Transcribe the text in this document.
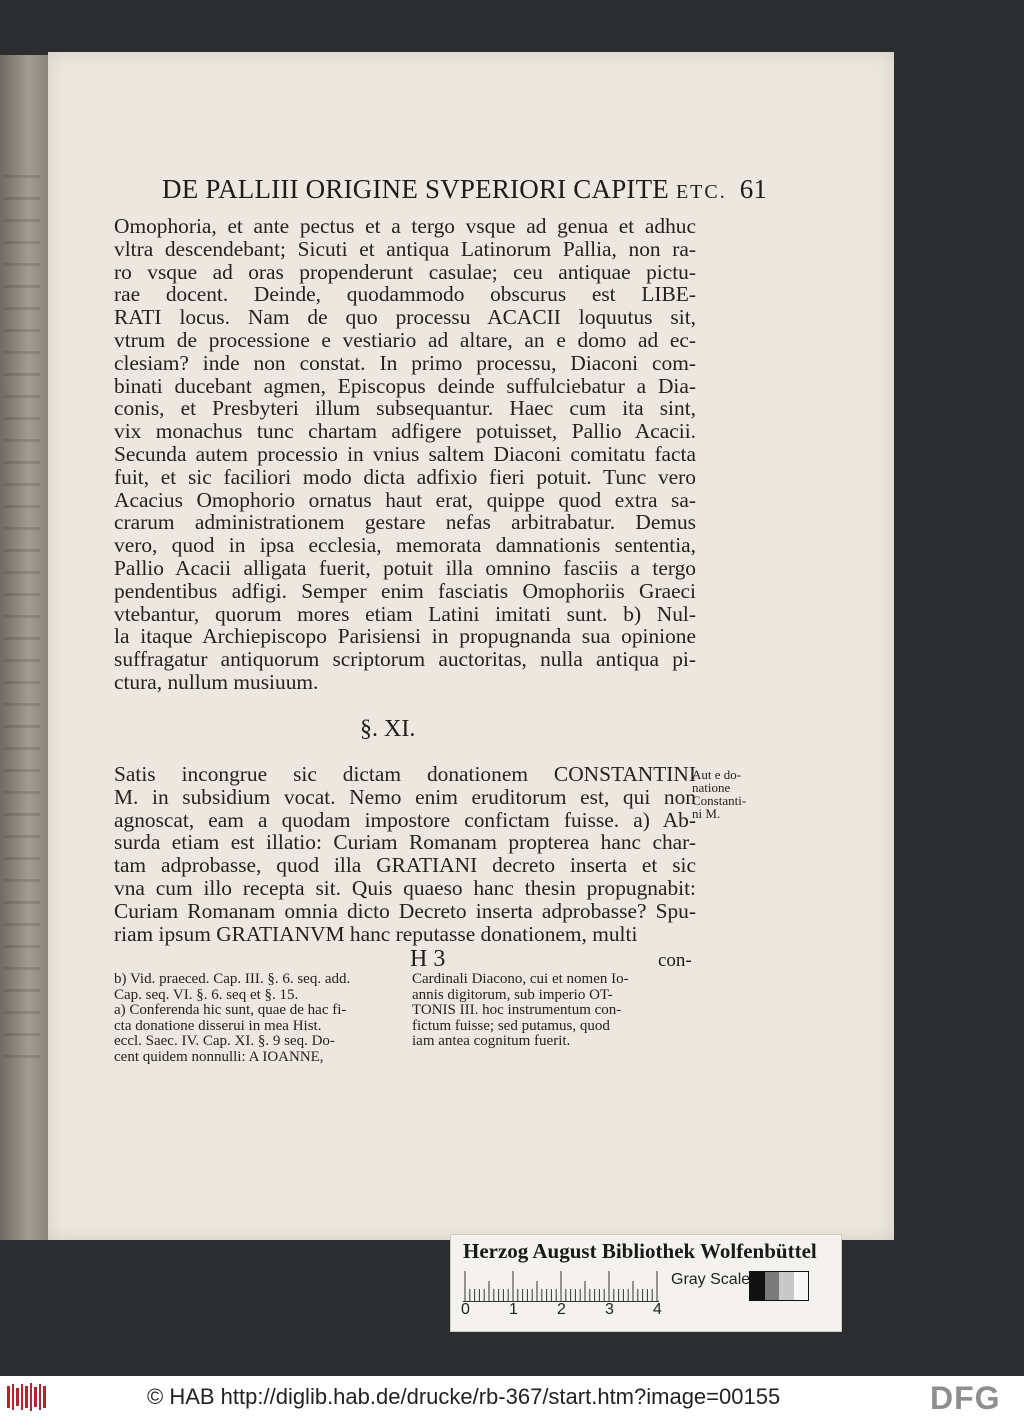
DE PALLIII ORIGINE SVPERIORI CAPITE ETC. 61

Omophoria, et ante pectus et a tergo vsque ad genua et adhuc

vltra descendebant; Sicuti et antiqua Latinorum Pallia, non ra-

ro vsque ad oras propenderunt casulae; ceu antiquae pictu-

rae docent. Deinde, quodammodo obscurus est LIBE-

RATI locus. Nam de quo processu ACACII loquutus sit,

vtrum de processione e vestiario ad altare, an e domo ad ec-

clesiam? inde non constat. In primo processu, Diaconi com-

binati ducebant agmen, Episcopus deinde suffulciebatur a Dia-

conis, et Presbyteri illum subsequantur. Haec cum ita sint,

vix monachus tunc chartam adfigere potuisset, Pallio Acacii.

Secunda autem processio in vnius saltem Diaconi comitatu facta

fuit, et sic faciliori modo dicta adfixio fieri potuit. Tunc vero

Acacius Omophorio ornatus haut erat, quippe quod extra sa-

crarum administrationem gestare nefas arbitrabatur. Demus

vero, quod in ipsa ecclesia, memorata damnationis sententia,

Pallio Acacii alligata fuerit, potuit illa omnino fasciis a tergo

pendentibus adfigi. Semper enim fasciatis Omophoriis Graeci

vtebantur, quorum mores etiam Latini imitati sunt. b) Nul-

la itaque Archiepiscopo Parisiensi in propugnanda sua opinione

suffragatur antiquorum scriptorum auctoritas, nulla antiqua pi-

ctura, nullum musiuum.

§. XI.

Satis incongrue sic dictam donationem CONSTANTINI

M. in subsidium vocat. Nemo enim eruditorum est, qui non

agnoscat, eam a quodam impostore confictam fuisse. a) Ab-

surda etiam est illatio: Curiam Romanam propterea hanc char-

tam adprobasse, quod illa GRATIANI decreto inserta et sic

vna cum illo recepta sit. Quis quaeso hanc thesin propugnabit:

Curiam Romanam omnia dicto Decreto inserta adprobasse? Spu-

riam ipsum GRATIANVM hanc reputasse donationem, multi

Aut e do-
natione
Constanti-
ni M.
H 3	con-

b) Vid. praeced. Cap. III. §. 6. seq. add.

Cap. seq. VI. §. 6. seq et §. 15.

a) Conferenda hic sunt, quae de hac fi-

cta donatione disserui in mea Hist.

eccl. Saec. IV. Cap. XI. §. 9 seq. Do-

cent quidem nonnulli: A IOANNE,

Cardinali Diacono, cui et nomen Io-

annis digitorum, sub imperio OT-

TONIS III. hoc instrumentum con-

fictum fuisse; sed putamus, quod

iam antea cognitum fuerit.

Herzog August Bibliothek Wolfenbüttel
0 1 2 3 4
Gray Scale
© HAB http://diglib.hab.de/drucke/rb-367/start.htm?image=00155	DFG
